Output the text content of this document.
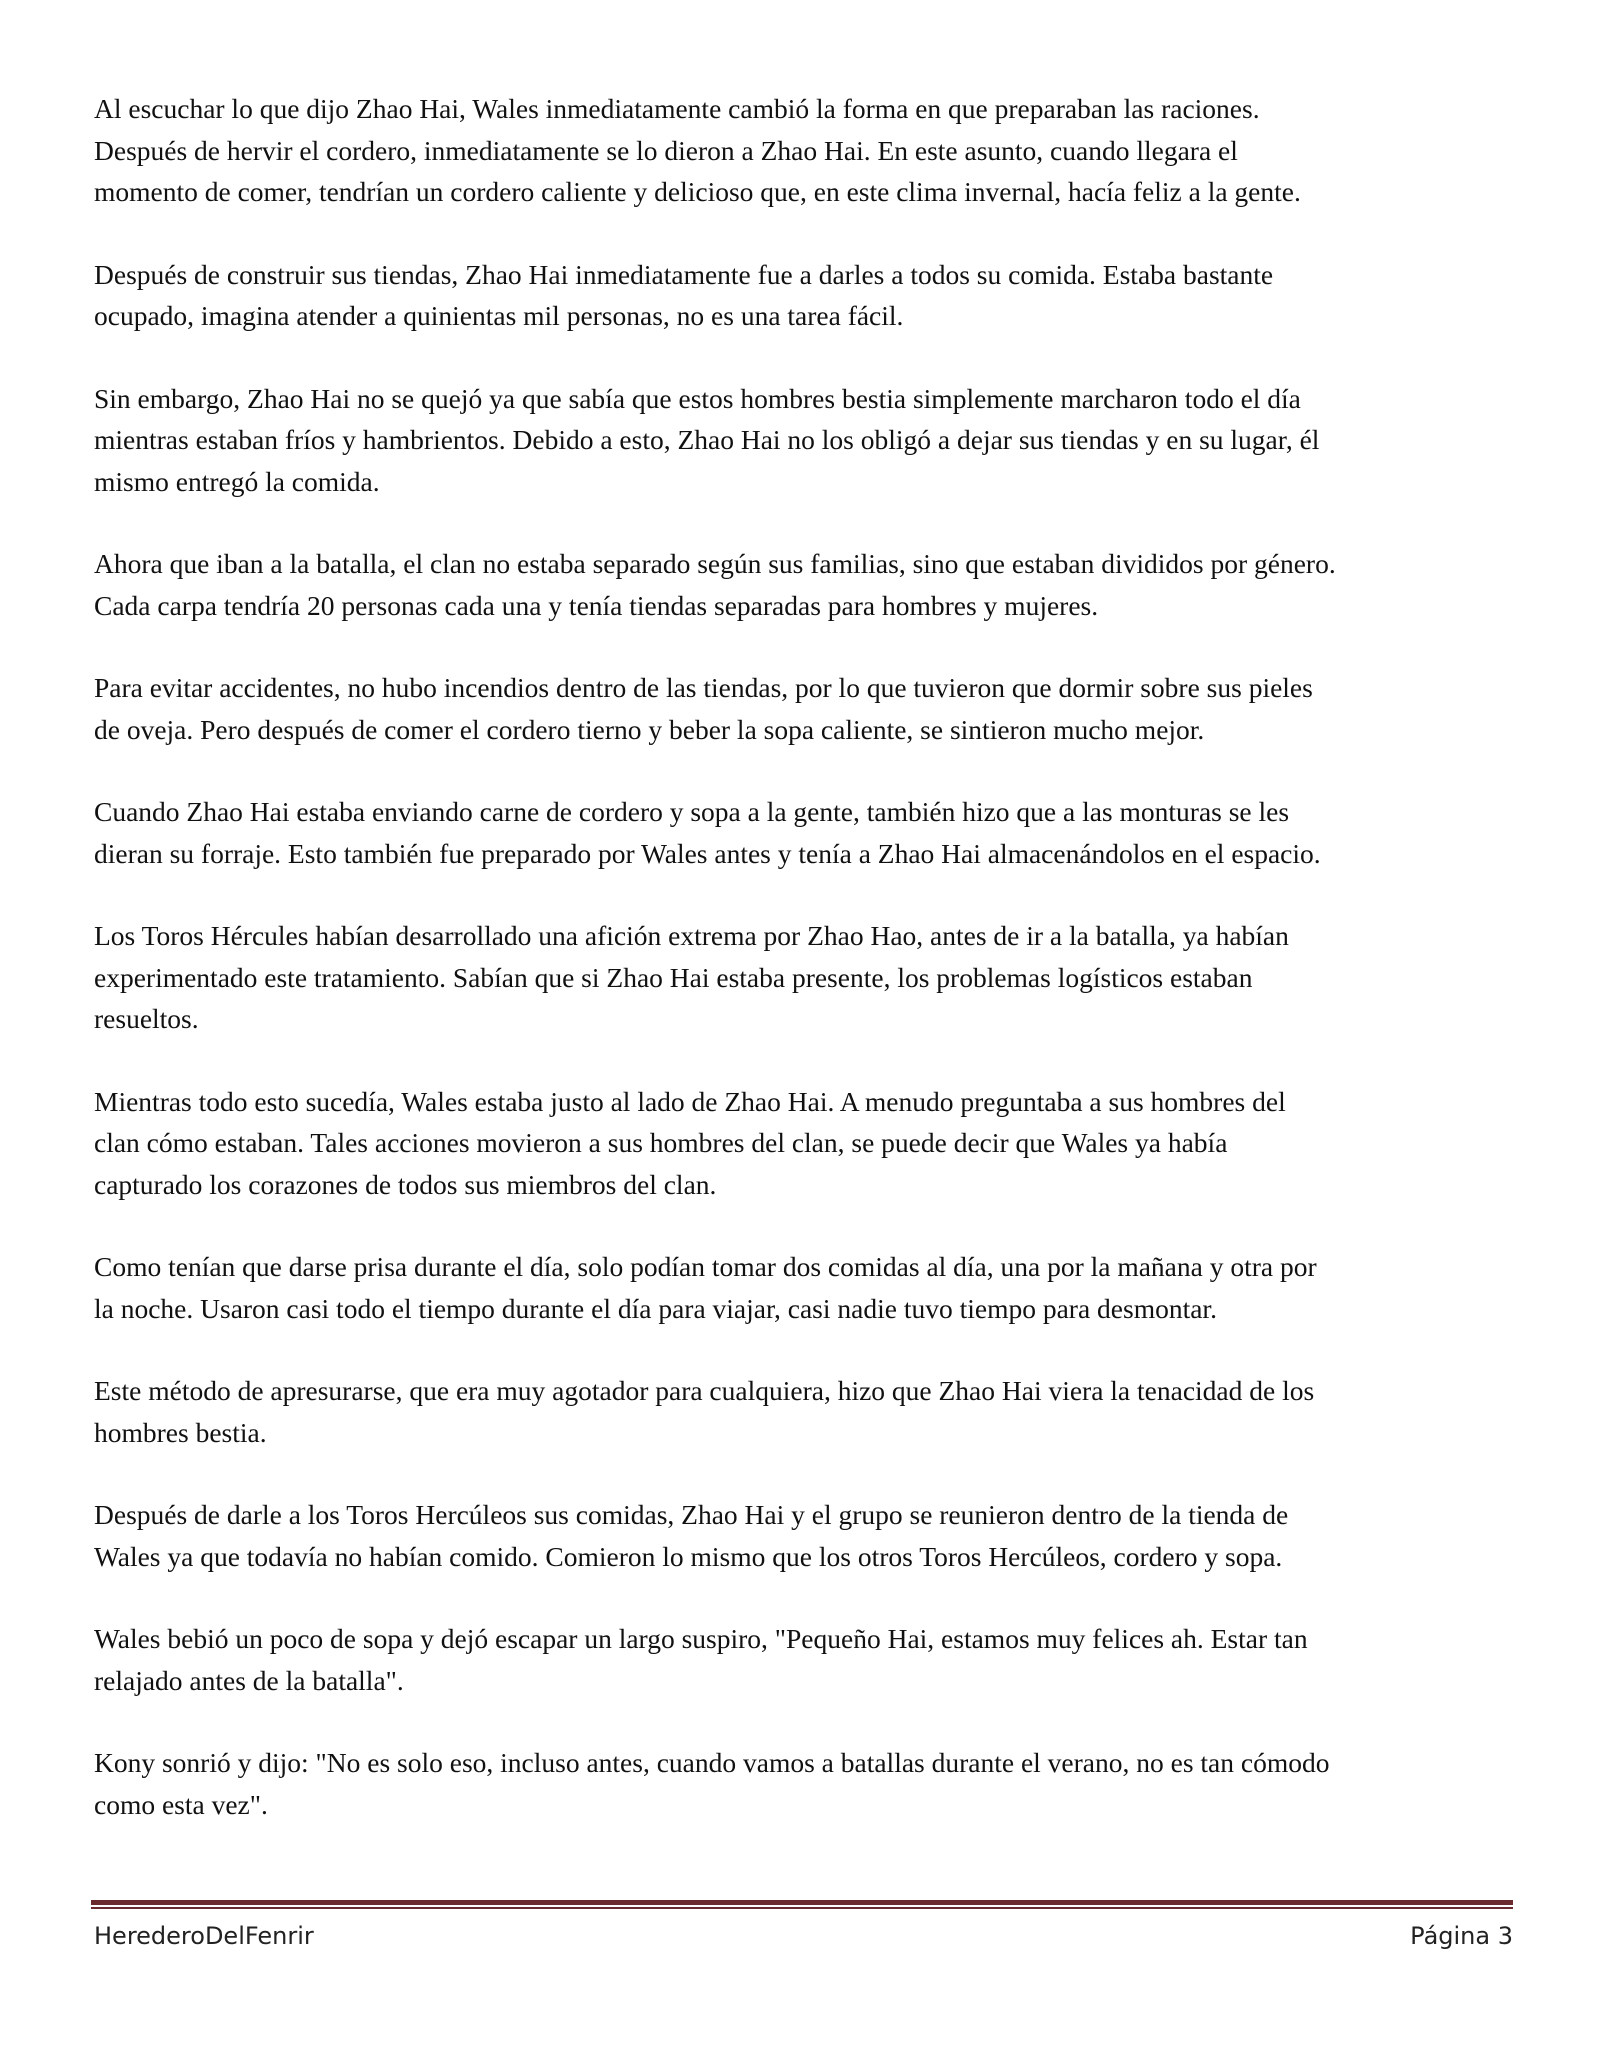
Al escuchar lo que dijo Zhao Hai, Wales inmediatamente cambió la forma en que preparaban las raciones.
Después de hervir el cordero, inmediatamente se lo dieron a Zhao Hai. En este asunto, cuando llegara el
momento de comer, tendrían un cordero caliente y delicioso que, en este clima invernal, hacía feliz a la gente.

Después de construir sus tiendas, Zhao Hai inmediatamente fue a darles a todos su comida. Estaba bastante
ocupado, imagina atender a quinientas mil personas, no es una tarea fácil.

Sin embargo, Zhao Hai no se quejó ya que sabía que estos hombres bestia simplemente marcharon todo el día
mientras estaban fríos y hambrientos. Debido a esto, Zhao Hai no los obligó a dejar sus tiendas y en su lugar, él
mismo entregó la comida.

Ahora que iban a la batalla, el clan no estaba separado según sus familias, sino que estaban divididos por género.
Cada carpa tendría 20 personas cada una y tenía tiendas separadas para hombres y mujeres.

Para evitar accidentes, no hubo incendios dentro de las tiendas, por lo que tuvieron que dormir sobre sus pieles
de oveja. Pero después de comer el cordero tierno y beber la sopa caliente, se sintieron mucho mejor.

Cuando Zhao Hai estaba enviando carne de cordero y sopa a la gente, también hizo que a las monturas se les
dieran su forraje. Esto también fue preparado por Wales antes y tenía a Zhao Hai almacenándolos en el espacio.

Los Toros Hércules habían desarrollado una afición extrema por Zhao Hao, antes de ir a la batalla, ya habían
experimentado este tratamiento. Sabían que si Zhao Hai estaba presente, los problemas logísticos estaban
resueltos.

Mientras todo esto sucedía, Wales estaba justo al lado de Zhao Hai. A menudo preguntaba a sus hombres del
clan cómo estaban. Tales acciones movieron a sus hombres del clan, se puede decir que Wales ya había
capturado los corazones de todos sus miembros del clan.

Como tenían que darse prisa durante el día, solo podían tomar dos comidas al día, una por la mañana y otra por
la noche. Usaron casi todo el tiempo durante el día para viajar, casi nadie tuvo tiempo para desmontar.

Este método de apresurarse, que era muy agotador para cualquiera, hizo que Zhao Hai viera la tenacidad de los
hombres bestia.

Después de darle a los Toros Hercúleos sus comidas, Zhao Hai y el grupo se reunieron dentro de la tienda de
Wales ya que todavía no habían comido. Comieron lo mismo que los otros Toros Hercúleos, cordero y sopa.

Wales bebió un poco de sopa y dejó escapar un largo suspiro, "Pequeño Hai, estamos muy felices ah. Estar tan
relajado antes de la batalla".

Kony sonrió y dijo: "No es solo eso, incluso antes, cuando vamos a batallas durante el verano, no es tan cómodo
como esta vez".

HerederoDelFenrir	Página 3
